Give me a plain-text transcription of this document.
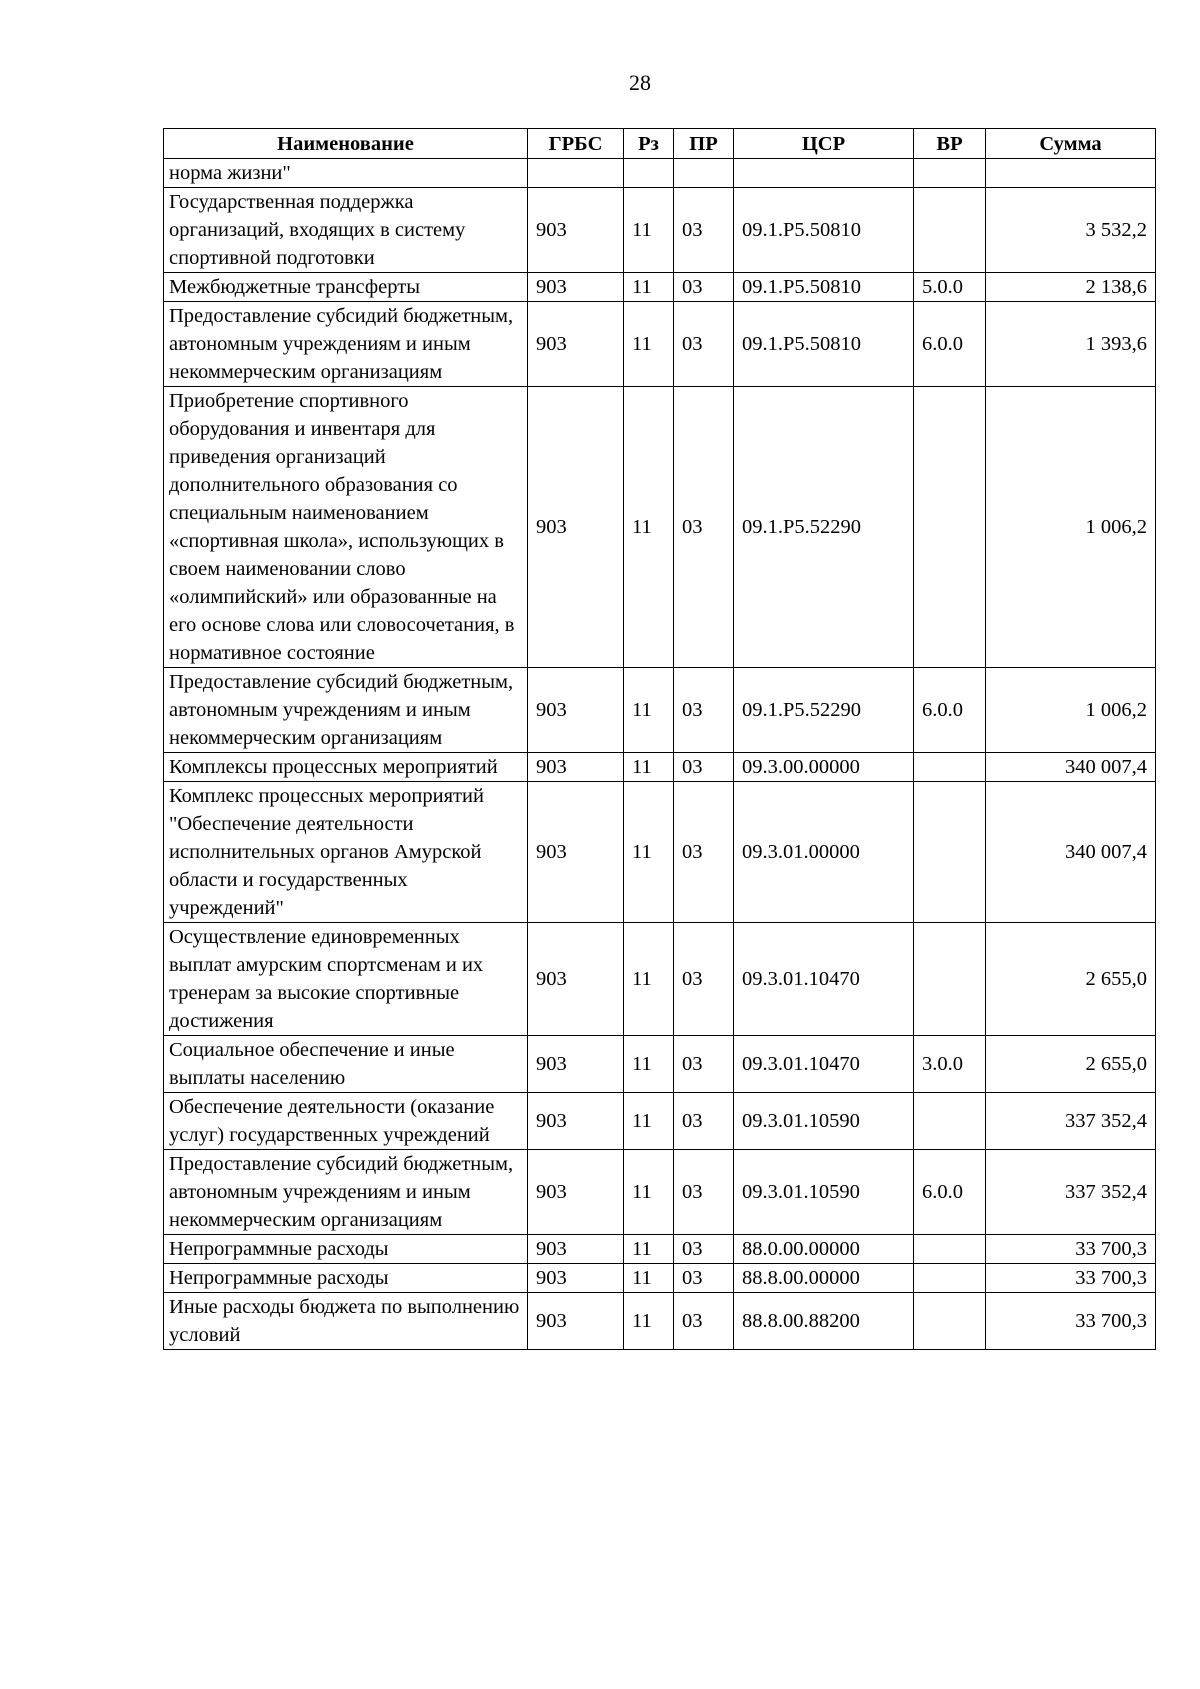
28
Наименование	ГРБС	Рз	ПР	ЦСР	ВР	Сумма
норма жизни"						
Государственная поддержка организаций, входящих в систему спортивной подготовки	903	11	03	09.1.Р5.50810		3 532,2
Межбюджетные трансферты	903	11	03	09.1.Р5.50810	5.0.0	2 138,6
Предоставление субсидий бюджетным, автономным учреждениям и иным некоммерческим организациям	903	11	03	09.1.Р5.50810	6.0.0	1 393,6
Приобретение спортивного оборудования и инвентаря для приведения организаций дополнительного образования со специальным наименованием «спортивная школа», использующих в своем наименовании слово «олимпийский» или образованные на его основе слова или словосочетания, в нормативное состояние	903	11	03	09.1.Р5.52290		1 006,2
Предоставление субсидий бюджетным, автономным учреждениям и иным некоммерческим организациям	903	11	03	09.1.Р5.52290	6.0.0	1 006,2
Комплексы процессных мероприятий	903	11	03	09.3.00.00000		340 007,4
Комплекс процессных мероприятий "Обеспечение деятельности исполнительных органов Амурской области и государственных учреждений"	903	11	03	09.3.01.00000		340 007,4
Осуществление единовременных выплат амурским спортсменам и их тренерам за высокие спортивные достижения	903	11	03	09.3.01.10470		2 655,0
Социальное обеспечение и иные выплаты населению	903	11	03	09.3.01.10470	3.0.0	2 655,0
Обеспечение деятельности (оказание услуг) государственных учреждений	903	11	03	09.3.01.10590		337 352,4
Предоставление субсидий бюджетным, автономным учреждениям и иным некоммерческим организациям	903	11	03	09.3.01.10590	6.0.0	337 352,4
Непрограммные расходы	903	11	03	88.0.00.00000		33 700,3
Непрограммные расходы	903	11	03	88.8.00.00000		33 700,3
Иные расходы бюджета по выполнению условий	903	11	03	88.8.00.88200		33 700,3
